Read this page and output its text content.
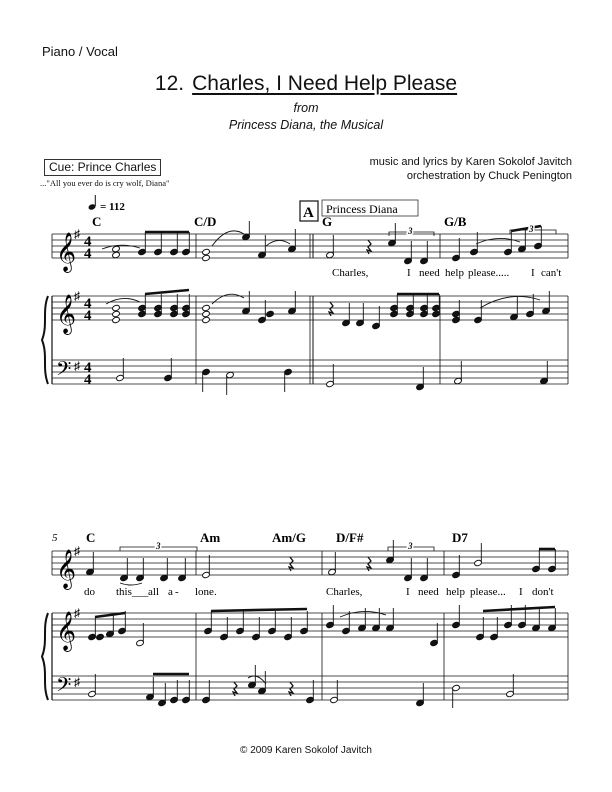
Piano / Vocal
12. Charles, I Need Help Please
from
Princess Diana, the Musical
Cue: Prince Charles
..."All you ever do is cry wolf, Diana"
music and lyrics by Karen Sokolof Javitch
orchestration by Chuck Penington
𝄞
𝄞
𝄢
♯
♯
♯
4
4
4
4
4
4
= 112	A Princess Diana
C	C/D	G	G/B
Charles,	I need help please..... I can't
3	3
𝄞
𝄞
𝄢
♯
♯
♯
5 C	Am	Am/G D/F#	D7
do this___ all a - lone.	Charles,	I need help please... I don't
3	3
© 2009 Karen Sokolof Javitch
